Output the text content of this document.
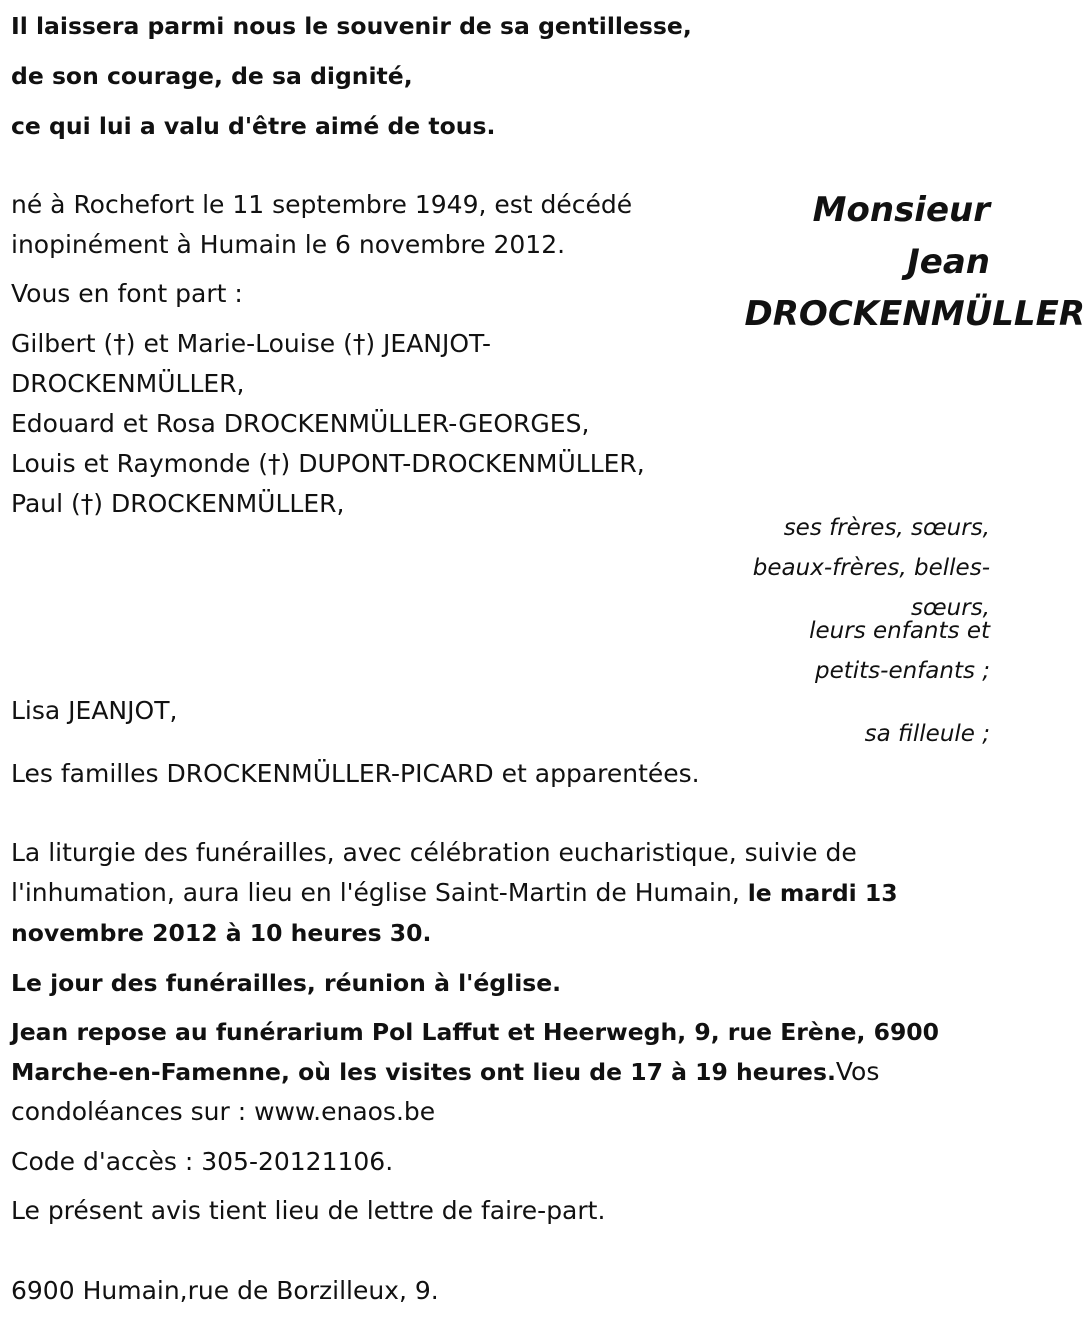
Il laissera parmi nous le souvenir de sa gentillesse,
de son courage, de sa dignité,
ce qui lui a valu d'être aimé de tous.
Monsieur
Jean
DROCKENMÜLLER
né à Rochefort le 11 septembre 1949, est décédé
inopinément à Humain le 6 novembre 2012.
Vous en font part :
Gilbert (†) et Marie-Louise (†) JEANJOT-
DROCKENMÜLLER,
Edouard et Rosa DROCKENMÜLLER-GEORGES,
Louis et Raymonde (†) DUPONT-DROCKENMÜLLER,
Paul (†) DROCKENMÜLLER,
ses frères, sœurs,
beaux-frères, belles-
sœurs,
leurs enfants et
petits-enfants ;
Lisa JEANJOT,
sa filleule ;
Les familles DROCKENMÜLLER-PICARD et apparentées.
La liturgie des funérailles, avec célébration eucharistique, suivie de
l'inhumation, aura lieu en l'église Saint-Martin de Humain, le mardi 13
novembre 2012 à 10 heures 30.
Le jour des funérailles, réunion à l'église.
Jean repose au funérarium Pol Laffut et Heerwegh, 9, rue Erène, 6900
Marche-en-Famenne, où les visites ont lieu de 17 à 19 heures.Vos
condoléances sur : www.enaos.be
Code d'accès : 305-20121106.
Le présent avis tient lieu de lettre de faire-part.
6900 Humain,rue de Borzilleux, 9.
